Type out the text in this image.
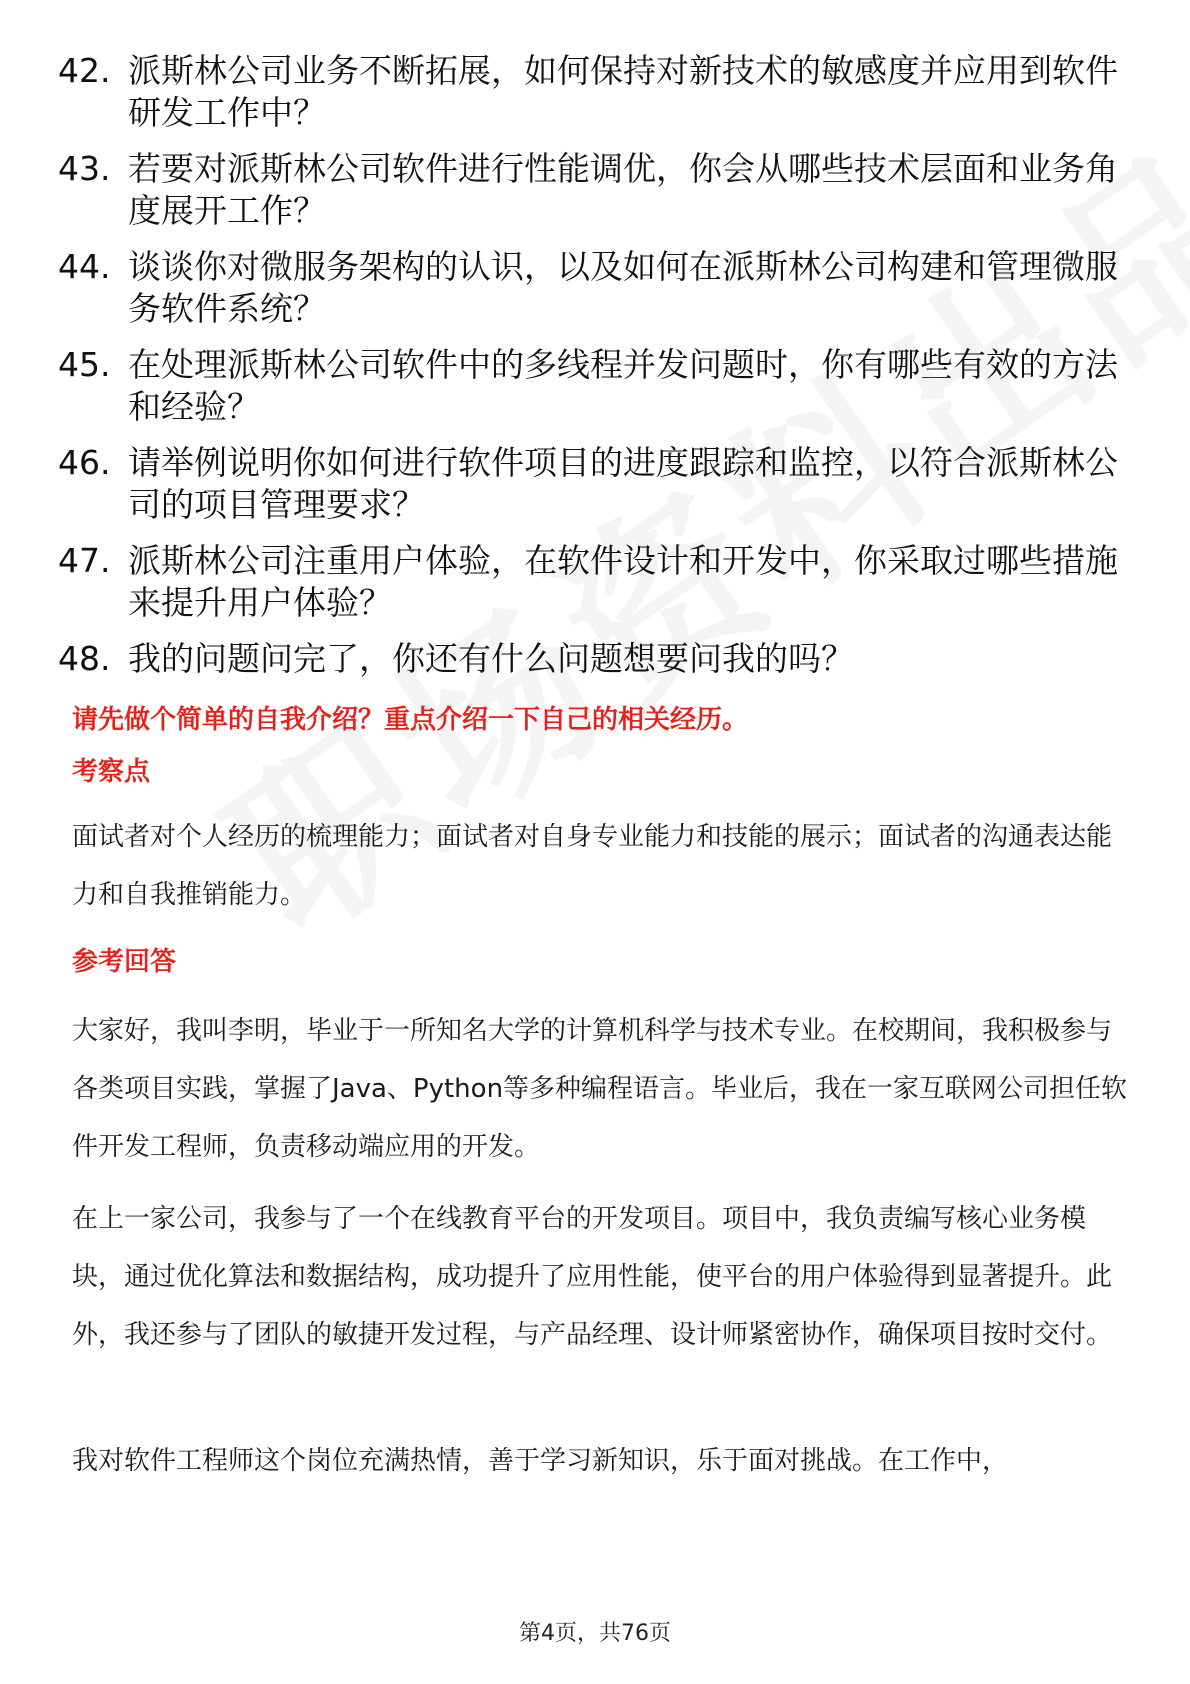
42. 派斯林公司业务不断拓展，如何保持对新技术的敏感度并应用到软件研发工作中？
43. 若要对派斯林公司软件进行性能调优，你会从哪些技术层面和业务角度展开工作？
44. 谈谈你对微服务架构的认识，以及如何在派斯林公司构建和管理微服务软件系统？
45. 在处理派斯林公司软件中的多线程并发问题时，你有哪些有效的方法和经验？
46. 请举例说明你如何进行软件项目的进度跟踪和监控，以符合派斯林公司的项目管理要求？
47. 派斯林公司注重用户体验，在软件设计和开发中，你采取过哪些措施来提升用户体验？
48. 我的问题问完了，你还有什么问题想要问我的吗？
请先做个简单的自我介绍？重点介绍一下自己的相关经历。
考察点
面试者对个人经历的梳理能力；面试者对自身专业能力和技能的展示；面试者的沟通表达能力和自我推销能力。
参考回答
大家好，我叫李明，毕业于一所知名大学的计算机科学与技术专业。在校期间，我积极参与各类项目实践，掌握了Java、Python等多种编程语言。毕业后，我在一家互联网公司担任软件开发工程师，负责移动端应用的开发。
在上一家公司，我参与了一个在线教育平台的开发项目。项目中，我负责编写核心业务模块，通过优化算法和数据结构，成功提升了应用性能，使平台的用户体验得到显著提升。此外，我还参与了团队的敏捷开发过程，与产品经理、设计师紧密协作，确保项目按时交付。
我对软件工程师这个岗位充满热情，善于学习新知识，乐于面对挑战。在工作中，
第4页，共76页
